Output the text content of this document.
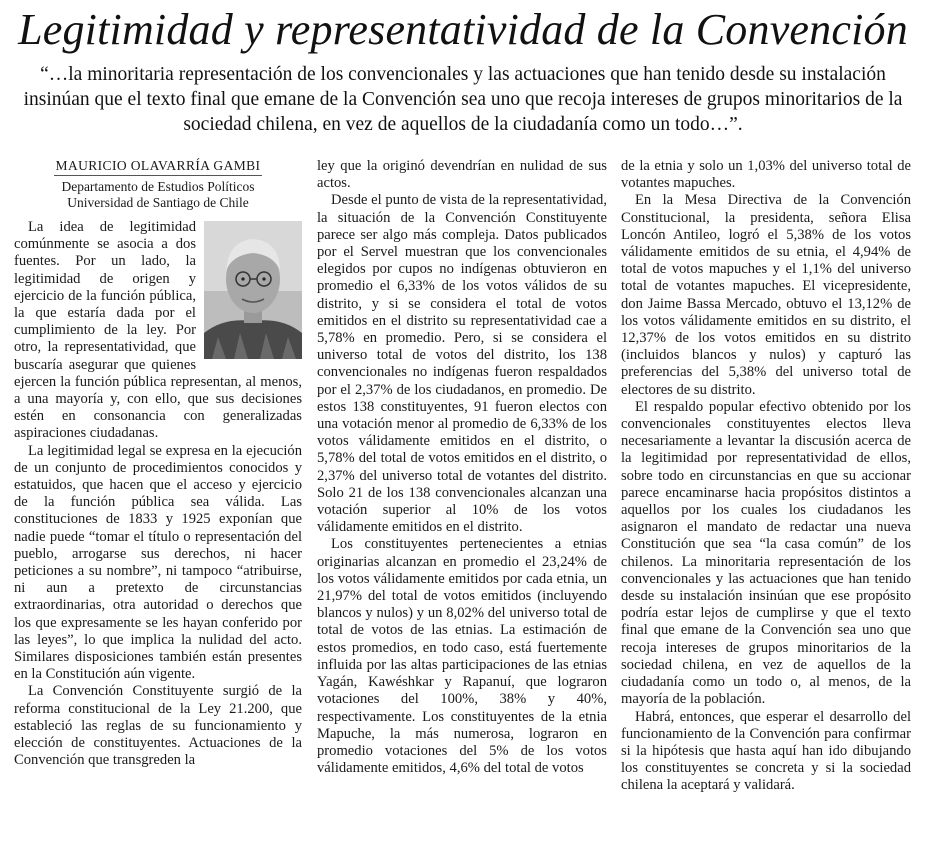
Legitimidad y representatividad de la Convención
“…la minoritaria representación de los convencionales y las actuaciones que han tenido desde su instalación insinúan que el texto final que emane de la Convención sea uno que recoja intereses de grupos minoritarios de la sociedad chilena, en vez de aquellos de la ciudadanía como un todo…”.
MAURICIO OLAVARRÍA GAMBI
Departamento de Estudios Políticos
Universidad de Santiago de Chile

La idea de legitimidad comúnmente se asocia a dos fuentes. Por un lado, la legitimidad de origen y ejercicio de la función pública, la que estaría dada por el cumplimiento de la ley. Por otro, la representatividad, que buscaría asegurar que quienes ejercen la función pública representan, al menos, a una mayoría y, con ello, que sus decisiones estén en consonancia con generalizadas aspiraciones ciudadanas.

La legitimidad legal se expresa en la ejecución de un conjunto de procedimientos conocidos y estatuidos, que hacen que el acceso y ejercicio de la función pública sea válida. Las constituciones de 1833 y 1925 exponían que nadie puede “tomar el título o representación del pueblo, arrogarse sus derechos, ni hacer peticiones a su nombre”, ni tampoco “atribuirse, ni aun a pretexto de circunstancias extraordinarias, otra autoridad o derechos que los que expresamente se les hayan conferido por las leyes”, lo que implica la nulidad del acto. Similares disposiciones también están presentes en la Constitución aún vigente.

La Convención Constituyente surgió de la reforma constitucional de la Ley 21.200, que estableció las reglas de su funcionamiento y elección de constituyentes. Actuaciones de la Convención que transgreden la

ley que la originó devendrían en nulidad de sus actos.

Desde el punto de vista de la representatividad, la situación de la Convención Constituyente parece ser algo más compleja. Datos publicados por el Servel muestran que los convencionales elegidos por cupos no indígenas obtuvieron en promedio el 6,33% de los votos válidos de su distrito, y si se considera el total de votos emitidos en el distrito su representatividad cae a 5,78% en promedio. Pero, si se considera el universo total de votos del distrito, los 138 convencionales no indígenas fueron respaldados por el 2,37% de los ciudadanos, en promedio. De estos 138 constituyentes, 91 fueron electos con una votación menor al promedio de 6,33% de los votos válidamente emitidos en el distrito, o 5,78% del total de votos emitidos en el distrito, o 2,37% del universo total de votantes del distrito. Solo 21 de los 138 convencionales alcanzan una votación superior al 10% de los votos válidamente emitidos en el distrito.

Los constituyentes pertenecientes a etnias originarias alcanzan en promedio el 23,24% de los votos válidamente emitidos por cada etnia, un 21,97% del total de votos emitidos (incluyendo blancos y nulos) y un 8,02% del universo total de total de votos de las etnias. La estimación de estos promedios, en todo caso, está fuertemente influida por las altas participaciones de las etnias Yagán, Kawéshkar y Rapanuí, que lograron votaciones del 100%, 38% y 40%, respectivamente. Los constituyentes de la etnia Mapuche, la más numerosa, lograron en promedio votaciones del 5% de los votos válidamente emitidos, 4,6% del total de votos

de la etnia y solo un 1,03% del universo total de votantes mapuches.

En la Mesa Directiva de la Convención Constitucional, la presidenta, señora Elisa Loncón Antileo, logró el 5,38% de los votos válidamente emitidos de su etnia, el 4,94% de total de votos mapuches y el 1,1% del universo total de votantes mapuches. El vicepresidente, don Jaime Bassa Mercado, obtuvo el 13,12% de los votos válidamente emitidos en su distrito, el 12,37% de los votos emitidos en su distrito (incluidos blancos y nulos) y capturó las preferencias del 5,38% del universo total de electores de su distrito.

El respaldo popular efectivo obtenido por los convencionales constituyentes electos lleva necesariamente a levantar la discusión acerca de la legitimidad por representatividad de ellos, sobre todo en circunstancias en que su accionar parece encaminarse hacia propósitos distintos a aquellos por los cuales los ciudadanos les asignaron el mandato de redactar una nueva Constitución que sea “la casa común” de los chilenos. La minoritaria representación de los convencionales y las actuaciones que han tenido desde su instalación insinúan que ese propósito podría estar lejos de cumplirse y que el texto final que emane de la Convención sea uno que recoja intereses de grupos minoritarios de la sociedad chilena, en vez de aquellos de la ciudadanía como un todo o, al menos, de la mayoría de la población.

Habrá, entonces, que esperar el desarrollo del funcionamiento de la Convención para confirmar si la hipótesis que hasta aquí han ido dibujando los constituyentes se concreta y si la sociedad chilena la aceptará y validará.
